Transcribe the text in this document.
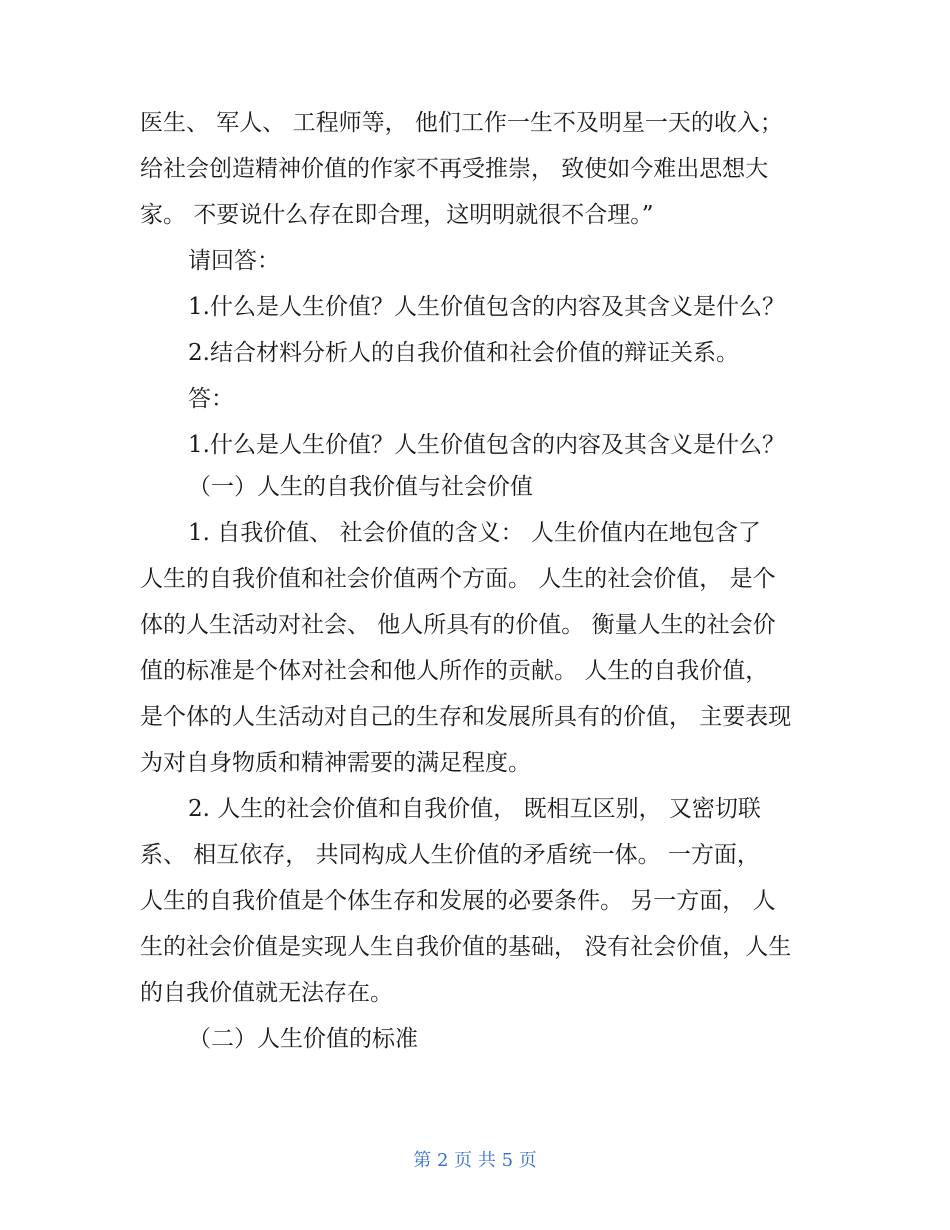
医生、 军人、 工程师等， 他们工作一生不及明星一天的收入；
给社会创造精神价值的作家不再受推崇， 致使如今难出思想大
家。 不要说什么存在即合理，这明明就很不合理。”
请回答：
1.什么是人生价值？人生价值包含的内容及其含义是什么？
2.结合材料分析人的自我价值和社会价值的辩证关系。
答：
1.什么是人生价值？人生价值包含的内容及其含义是什么？
（一）人生的自我价值与社会价值
1. 自我价值、 社会价值的含义： 人生价值内在地包含了
人生的自我价值和社会价值两个方面。 人生的社会价值， 是个
体的人生活动对社会、 他人所具有的价值。 衡量人生的社会价
值的标准是个体对社会和他人所作的贡献。 人生的自我价值，
是个体的人生活动对自己的生存和发展所具有的价值， 主要表现
为对自身物质和精神需要的满足程度。
2. 人生的社会价值和自我价值， 既相互区别， 又密切联
系、 相互依存， 共同构成人生价值的矛盾统一体。 一方面，
人生的自我价值是个体生存和发展的必要条件。 另一方面， 人
生的社会价值是实现人生自我价值的基础， 没有社会价值，人生
的自我价值就无法存在。
（二）人生价值的标准
第 2 页 共 5 页
